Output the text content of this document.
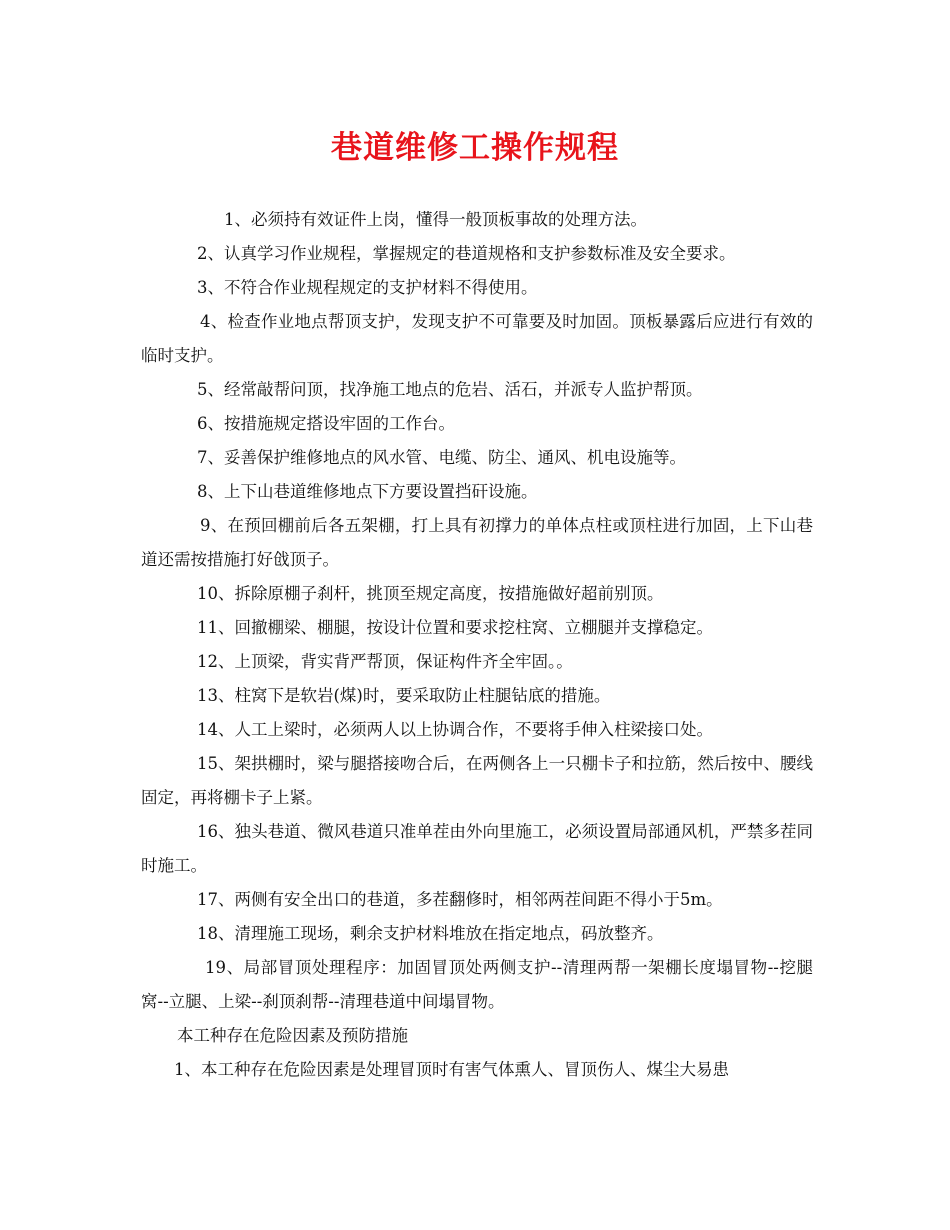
巷道维修工操作规程

1、必须持有效证件上岗，懂得一般顶板事故的处理方法。

2、认真学习作业规程，掌握规定的巷道规格和支护参数标准及安全要求。

3、不符合作业规程规定的支护材料不得使用。

4、检查作业地点帮顶支护，发现支护不可靠要及时加固。顶板暴露后应进行有效的临时支护。

5、经常敲帮问顶，找净施工地点的危岩、活石，并派专人监护帮顶。

6、按措施规定搭设牢固的工作台。

7、妥善保护维修地点的风水管、电缆、防尘、通风、机电设施等。

8、上下山巷道维修地点下方要设置挡矸设施。

9、在预回棚前后各五架棚，打上具有初撑力的单体点柱或顶柱进行加固，上下山巷道还需按措施打好戗顶子。

10、拆除原棚子刹杆，挑顶至规定高度，按措施做好超前别顶。

11、回撤棚梁、棚腿，按设计位置和要求挖柱窝、立棚腿并支撑稳定。

12、上顶梁，背实背严帮顶，保证构件齐全牢固。。

13、柱窝下是软岩(煤)时，要采取防止柱腿钻底的措施。

14、人工上梁时，必须两人以上协调合作，不要将手伸入柱梁接口处。

15、架拱棚时，梁与腿搭接吻合后，在两侧各上一只棚卡子和拉筋，然后按中、腰线固定，再将棚卡子上紧。

16、独头巷道、微风巷道只准单茬由外向里施工，必须设置局部通风机，严禁多茬同时施工。

17、两侧有安全出口的巷道，多茬翻修时，相邻两茬间距不得小于5m。

18、清理施工现场，剩余支护材料堆放在指定地点，码放整齐。

19、局部冒顶处理程序：加固冒顶处两侧支护--清理两帮一架棚长度塌冒物--挖腿窝--立腿、上梁--刹顶刹帮--清理巷道中间塌冒物。

本工种存在危险因素及预防措施

1、本工种存在危险因素是处理冒顶时有害气体熏人、冒顶伤人、煤尘大易患
